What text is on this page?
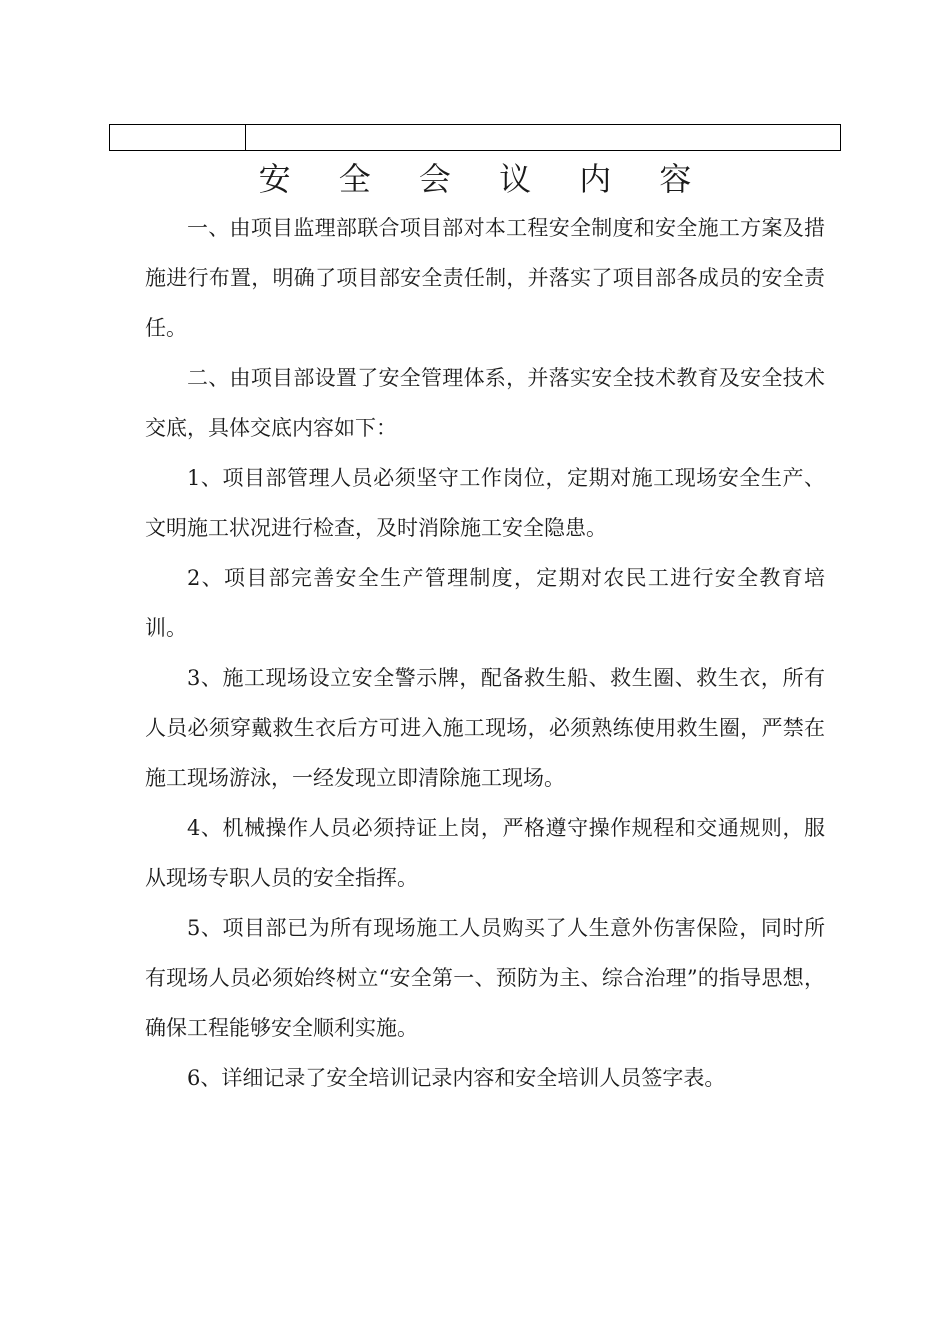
安 全 会 议 内 容

一、由项目监理部联合项目部对本工程安全制度和安全施工方案及措施进行布置，明确了项目部安全责任制，并落实了项目部各成员的安全责任。

二、由项目部设置了安全管理体系，并落实安全技术教育及安全技术交底，具体交底内容如下：

1、项目部管理人员必须坚守工作岗位，定期对施工现场安全生产、文明施工状况进行检查，及时消除施工安全隐患。

2、项目部完善安全生产管理制度，定期对农民工进行安全教育培训。

3、施工现场设立安全警示牌，配备救生船、救生圈、救生衣，所有人员必须穿戴救生衣后方可进入施工现场，必须熟练使用救生圈，严禁在施工现场游泳，一经发现立即清除施工现场。

4、机械操作人员必须持证上岗，严格遵守操作规程和交通规则，服从现场专职人员的安全指挥。

5、项目部已为所有现场施工人员购买了人生意外伤害保险，同时所有现场人员必须始终树立“安全第一、预防为主、综合治理”的指导思想，确保工程能够安全顺利实施。

6、详细记录了安全培训记录内容和安全培训人员签字表。
